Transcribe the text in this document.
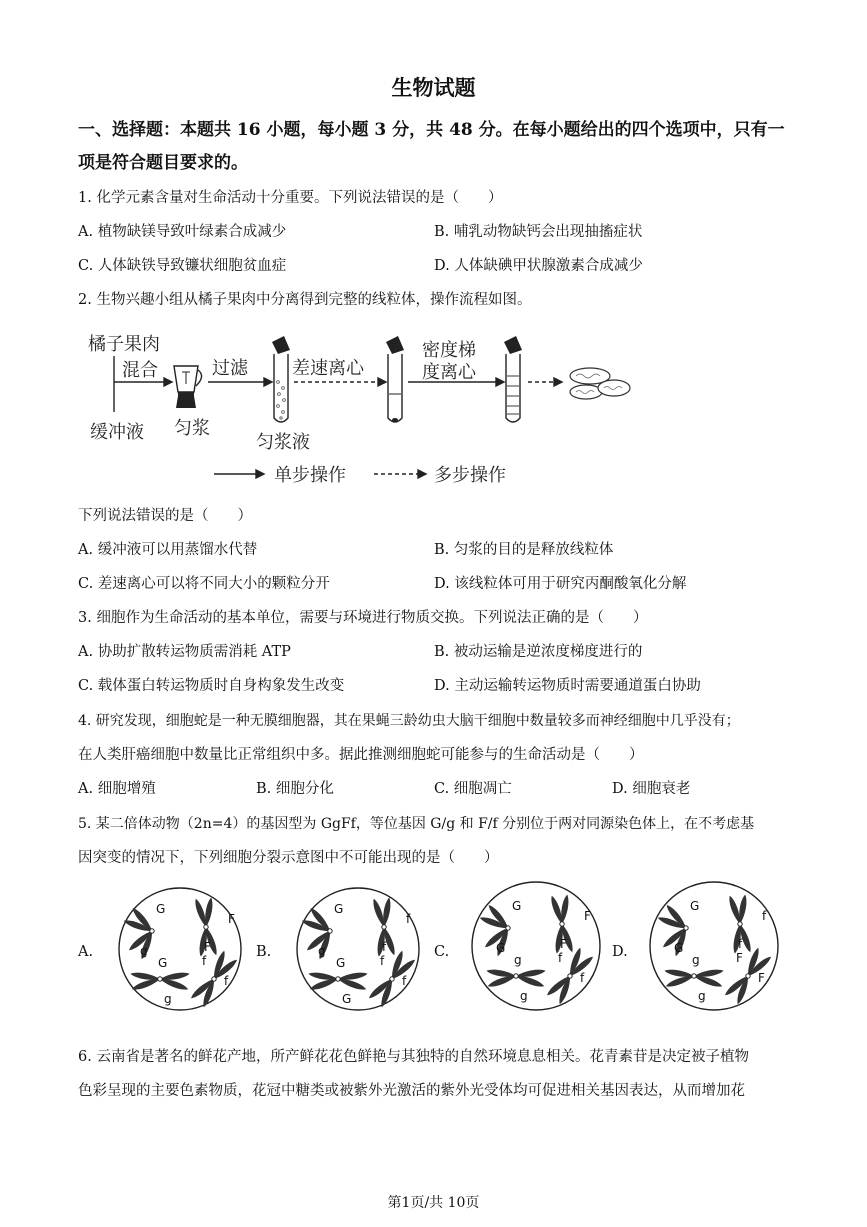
生物试题
一、选择题：本题共 16 小题，每小题 3 分，共 48 分。在每小题给出的四个选项中，只有一
项是符合题目要求的。
1. 化学元素含量对生命活动十分重要。下列说法错误的是（　　）
A. 植物缺镁导致叶绿素合成减少	B. 哺乳动物缺钙会出现抽搐症状
C. 人体缺铁导致镰状细胞贫血症	D. 人体缺碘甲状腺激素合成减少
2. 生物兴趣小组从橘子果肉中分离得到完整的线粒体，操作流程如图。
橘子果肉
混合
缓冲液 匀浆
过滤
匀浆液
差速离心
密度梯
度离心
单步操作	多步操作
下列说法错误的是（　　）
A. 缓冲液可以用蒸馏水代替	B. 匀浆的目的是释放线粒体
C. 差速离心可以将不同大小的颗粒分开	D. 该线粒体可用于研究丙酮酸氧化分解
3. 细胞作为生命活动的基本单位，需要与环境进行物质交换。下列说法正确的是（　　）
A. 协助扩散转运物质需消耗 ATP	B. 被动运输是逆浓度梯度进行的
C. 载体蛋白转运物质时自身构象发生改变	D. 主动运输转运物质时需要通道蛋白协助
4. 研究发现，细胞蛇是一种无膜细胞器，其在果蝇三龄幼虫大脑干细胞中数量较多而神经细胞中几乎没有；
在人类肝癌细胞中数量比正常组织中多。据此推测细胞蛇可能参与的生命活动是（　　）
A. 细胞增殖	B. 细胞分化	C. 细胞凋亡	D. 细胞衰老
5. 某二倍体动物（2n=4）的基因型为 GgFf，等位基因 G/g 和 F/f 分别位于两对同源染色体上，在不考虑基
因突变的情况下，下列细胞分裂示意图中不可能出现的是（　　）
A.	B.	C.	D.
G
g
F
F
G
g
f
f
G
g
f
f
G
G
f
f
G
G
F
F
g
g
f
f
G
G
f
f
g
g
F
F
6. 云南省是著名的鲜花产地，所产鲜花花色鲜艳与其独特的自然环境息息相关。花青素苷是决定被子植物
色彩呈现的主要色素物质，花冠中糖类或被紫外光激活的紫外光受体均可促进相关基因表达，从而增加花
第1页/共 10页
